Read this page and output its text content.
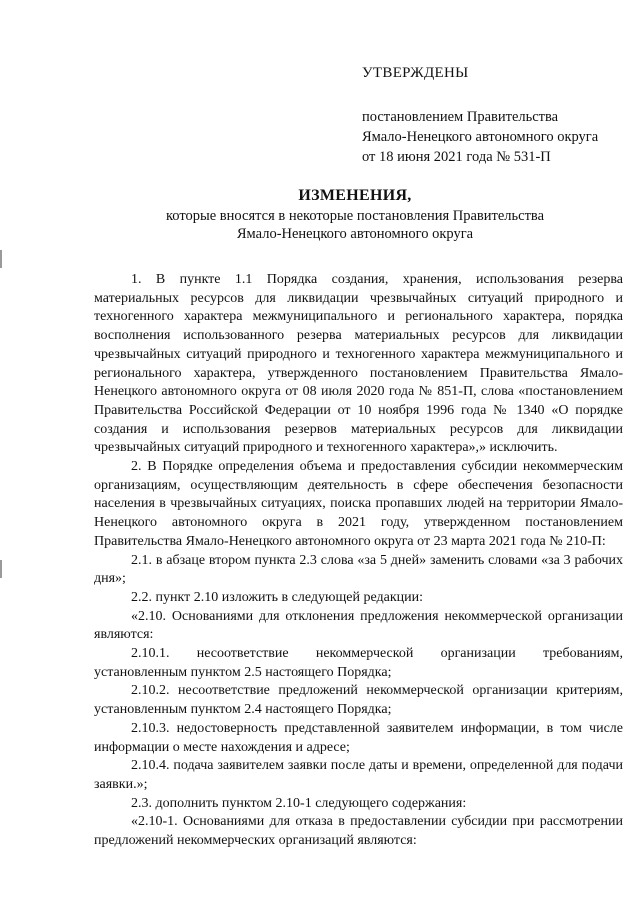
УТВЕРЖДЕНЫ
постановлением Правительства
Ямало-Ненецкого автономного округа
от 18 июня 2021 года № 531-П
ИЗМЕНЕНИЯ,
которые вносятся в некоторые постановления Правительства
Ямало-Ненецкого автономного округа

1. В пункте 1.1 Порядка создания, хранения, использования резерва материальных ресурсов для ликвидации чрезвычайных ситуаций природного и техногенного характера межмуниципального и регионального характера, порядка восполнения использованного резерва материальных ресурсов для ликвидации чрезвычайных ситуаций природного и техногенного характера межмуниципального и регионального характера, утвержденного постановлением Правительства Ямало-Ненецкого автономного округа от 08 июля 2020 года № 851-П, слова «постановлением Правительства Российской Федерации от 10 ноября 1996 года № 1340 «О порядке создания и использования резервов материальных ресурсов для ликвидации чрезвычайных ситуаций природного и техногенного характера»,» исключить.

2. В Порядке определения объема и предоставления субсидии некоммерческим организациям, осуществляющим деятельность в сфере обеспечения безопасности населения в чрезвычайных ситуациях, поиска пропавших людей на территории Ямало-Ненецкого автономного округа в 2021 году, утвержденном постановлением Правительства Ямало-Ненецкого автономного округа от 23 марта 2021 года № 210-П:

2.1. в абзаце втором пункта 2.3 слова «за 5 дней» заменить словами «за 3 рабочих дня»;

2.2. пункт 2.10 изложить в следующей редакции:

«2.10. Основаниями для отклонения предложения некоммерческой организации являются:

2.10.1. несоответствие некоммерческой организации требованиям, установленным пунктом 2.5 настоящего Порядка;

2.10.2. несоответствие предложений некоммерческой организации критериям, установленным пунктом 2.4 настоящего Порядка;

2.10.3. недостоверность представленной заявителем информации, в том числе информации о месте нахождения и адресе;

2.10.4. подача заявителем заявки после даты и времени, определенной для подачи заявки.»;

2.3. дополнить пунктом 2.10-1 следующего содержания:

«2.10-1. Основаниями для отказа в предоставлении субсидии при рассмотрении предложений некоммерческих организаций являются:
